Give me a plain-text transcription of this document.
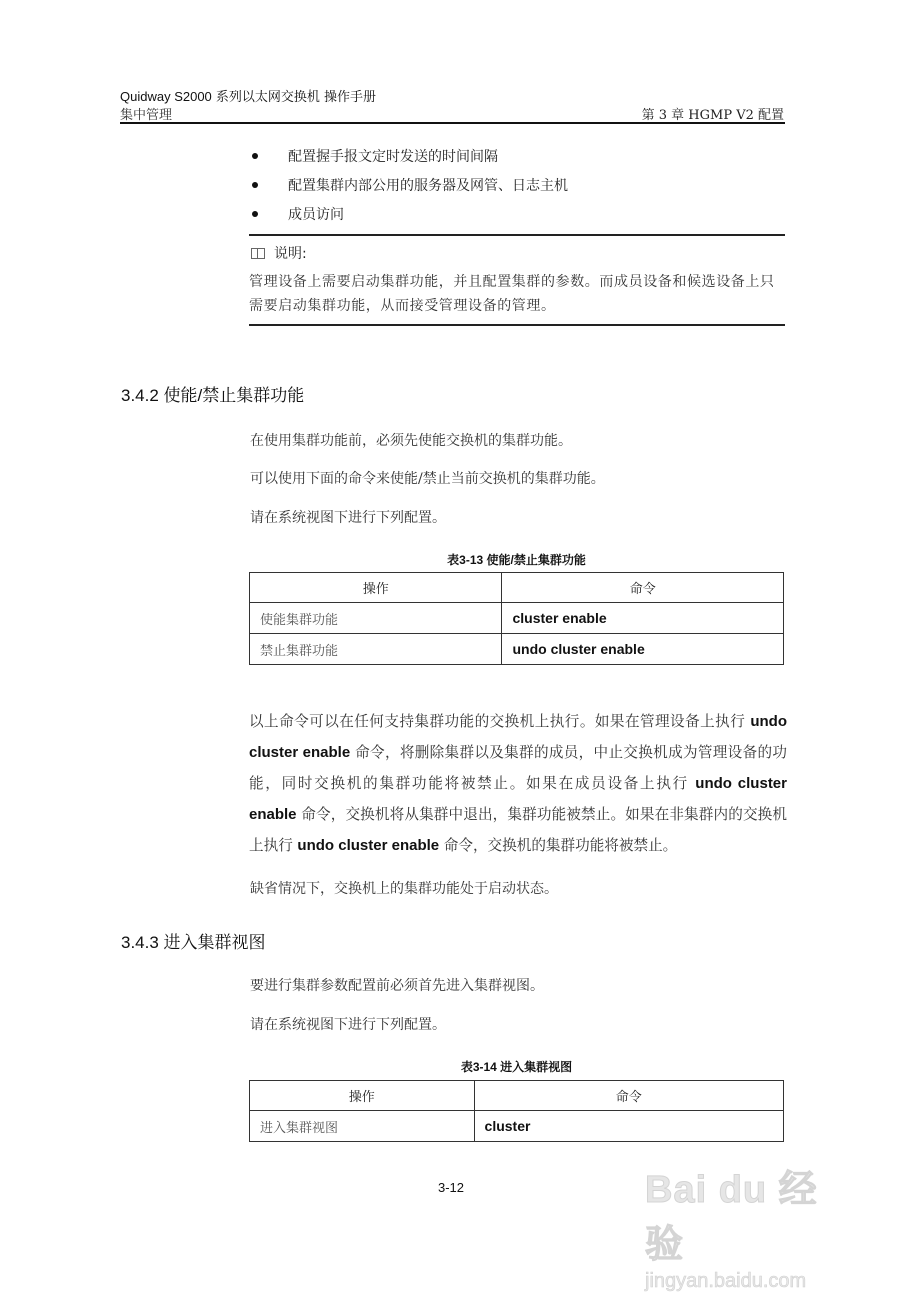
Quidway S2000 系列以太网交换机 操作手册
集中管理	第 3 章 HGMP V2 配置
配置握手报文定时发送的时间间隔
配置集群内部公用的服务器及网管、日志主机
成员访问
说明:
管理设备上需要启动集群功能，并且配置集群的参数。而成员设备和候选设备上只需要启动集群功能，从而接受管理设备的管理。
3.4.2 使能/禁止集群功能
在使用集群功能前，必须先使能交换机的集群功能。
可以使用下面的命令来使能/禁止当前交换机的集群功能。
请在系统视图下进行下列配置。
表3-13 使能/禁止集群功能
操作	命令
使能集群功能	cluster enable
禁止集群功能	undo cluster enable
以上命令可以在任何支持集群功能的交换机上执行。如果在管理设备上执行 undo cluster enable 命令，将删除集群以及集群的成员，中止交换机成为管理设备的功能，同时交换机的集群功能将被禁止。如果在成员设备上执行 undo cluster enable 命令，交换机将从集群中退出，集群功能被禁止。如果在非集群内的交换机上执行 undo cluster enable 命令，交换机的集群功能将被禁止。
缺省情况下，交换机上的集群功能处于启动状态。
3.4.3 进入集群视图
要进行集群参数配置前必须首先进入集群视图。
请在系统视图下进行下列配置。
表3-14 进入集群视图
操作	命令
进入集群视图	cluster
3-12	Bai du 经验
jingyan.baidu.com
